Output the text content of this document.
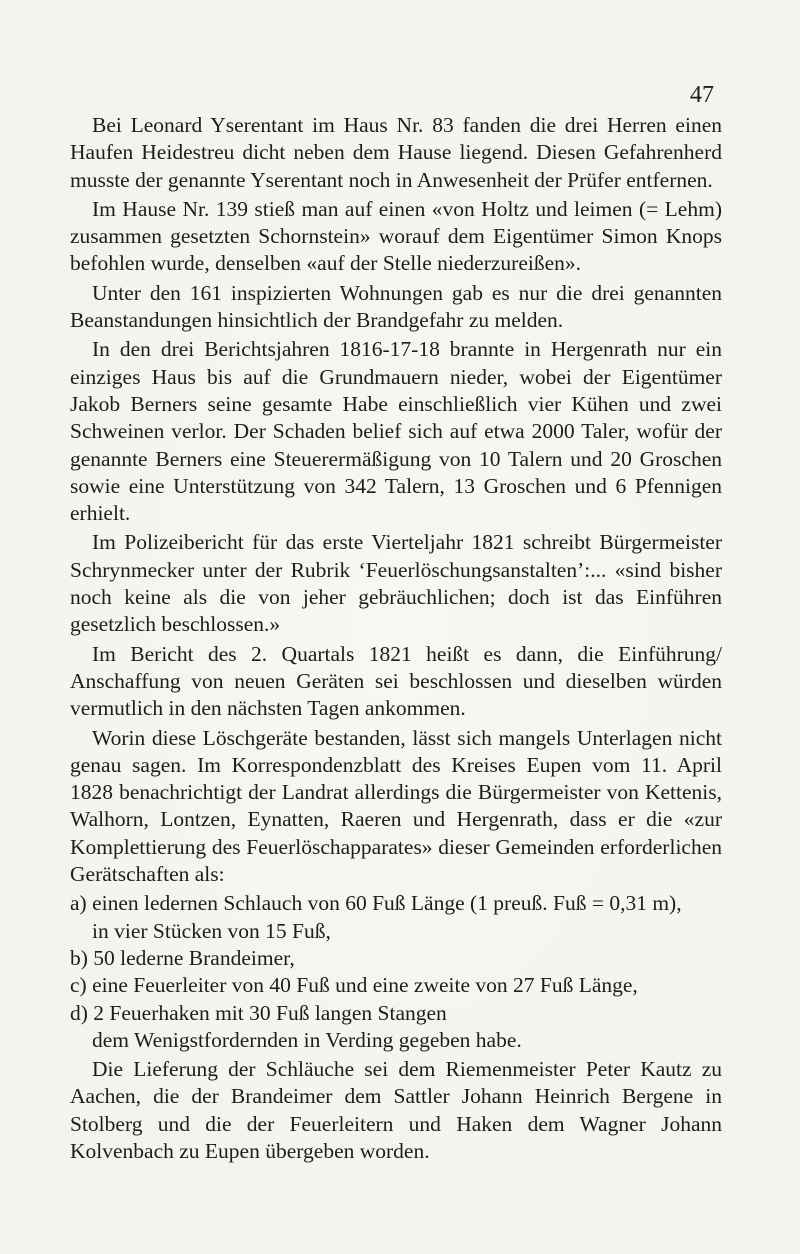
47

Bei Leonard Yserentant im Haus Nr. 83 fanden die drei Herren einen Haufen Heidestreu dicht neben dem Hause liegend. Diesen Gefahrenherd musste der genannte Yserentant noch in Anwesenheit der Prüfer entfernen.

Im Hause Nr. 139 stieß man auf einen «von Holtz und leimen (= Lehm) zusammen gesetzten Schornstein» worauf dem Eigentümer Simon Knops befohlen wurde, denselben «auf der Stelle niederzureißen».

Unter den 161 inspizierten Wohnungen gab es nur die drei genannten Beanstandungen hinsichtlich der Brandgefahr zu melden.

In den drei Berichtsjahren 1816-17-18 brannte in Hergenrath nur ein einziges Haus bis auf die Grundmauern nieder, wobei der Eigentümer Jakob Berners seine gesamte Habe einschließlich vier Kühen und zwei Schweinen verlor. Der Schaden belief sich auf etwa 2000 Taler, wofür der genannte Berners eine Steuerermäßigung von 10 Talern und 20 Groschen sowie eine Unterstützung von 342 Talern, 13 Groschen und 6 Pfennigen erhielt.

Im Polizeibericht für das erste Vierteljahr 1821 schreibt Bürgermeister Schrynmecker unter der Rubrik ‘Feuerlöschungsanstalten’:... «sind bisher noch keine als die von jeher gebräuchlichen; doch ist das Einführen gesetzlich beschlossen.»

Im Bericht des 2. Quartals 1821 heißt es dann, die Einführung/ Anschaffung von neuen Geräten sei beschlossen und dieselben würden vermutlich in den nächsten Tagen ankommen.

Worin diese Löschgeräte bestanden, lässt sich mangels Unterlagen nicht genau sagen. Im Korrespondenzblatt des Kreises Eupen vom 11. April 1828 benachrichtigt der Landrat allerdings die Bürgermeister von Kettenis, Walhorn, Lontzen, Eynatten, Raeren und Hergenrath, dass er die «zur Komplettierung des Feuerlöschapparates» dieser Gemeinden erforderlichen Gerätschaften als:

a) einen ledernen Schlauch von 60 Fuß Länge (1 preuß. Fuß = 0,31 m),

in vier Stücken von 15 Fuß,

b) 50 lederne Brandeimer,

c) eine Feuerleiter von 40 Fuß und eine zweite von 27 Fuß Länge,

d) 2 Feuerhaken mit 30 Fuß langen Stangen

dem Wenigstfordernden in Verding gegeben habe.

Die Lieferung der Schläuche sei dem Riemenmeister Peter Kautz zu Aachen, die der Brandeimer dem Sattler Johann Heinrich Bergene in Stolberg und die der Feuerleitern und Haken dem Wagner Johann Kolvenbach zu Eupen übergeben worden.
